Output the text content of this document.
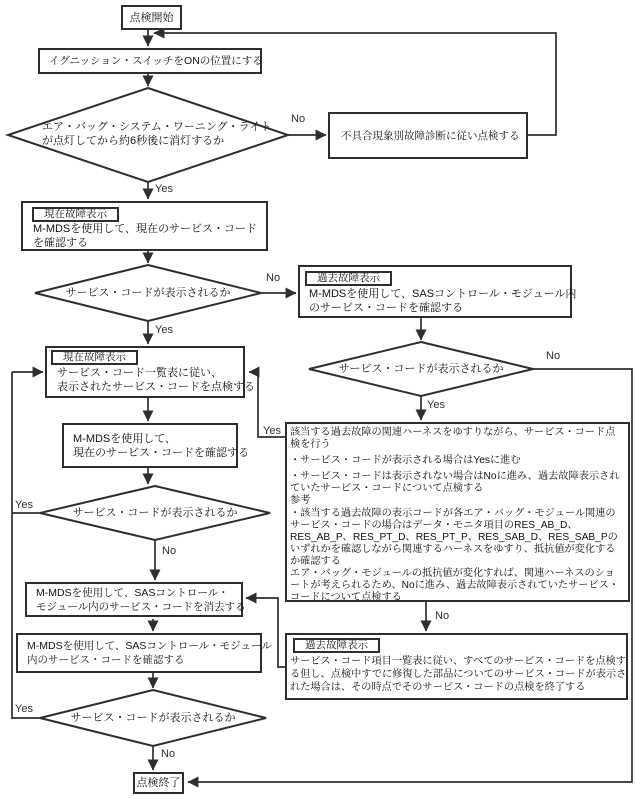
点検開始
点検終了
イグニッション・スイッチをONの位置にする
不具合現象別故障診断に従い点検する
現在故障表示
M-MDSを使用して、現在のサービス・コード
を確認する
過去故障表示
M-MDSを使用して、SASコントロール・モジュール内
のサービス・コードを確認する
現在故障表示
サービス・コード一覧表に従い、
表示されたサービス・コードを点検する
M-MDSを使用して、
現在のサービス・コードを確認する
該当する過去故障の関連ハーネスをゆすりながら、サービス・コード点
検を行う
・サービス・コードが表示される場合はYesに進む
・サービス・コードは表示されない場合はNoに進み、過去故障表示され
ていたサービス・コードについて点検する
参考
・該当する過去故障の表示コードが各エア・バッグ・モジュール関連の
サービス・コードの場合はデータ・モニタ項目のRES_AB_D、
RES_AB_P、RES_PT_D、RES_PT_P、RES_SAB_D、RES_SAB_Pの
いずれかを確認しながら関連するハーネスをゆすり、抵抗値が変化する
か確認する
エア・バッグ・モジュールの抵抗値が変化すれば、関連ハーネスのショ
ートが考えられるため、Noに進み、過去故障表示されていたサービス・
コードについて点検する
M-MDSを使用して、SASコントロール・
モジュール内のサービス・コードを消去する
M-MDSを使用して、SASコントロール・モジュール
内のサービス・コードを確認する
過去故障表示
サービス・コード項目一覧表に従い、すべてのサービス・コードを点検す
る但し、点検中すでに修復した部品についてのサービス・コードが表示さ
れた場合は、その時点でそのサービス・コードの点検を終了する
エア・バッグ・システム・ワーニング・ライト
が点灯してから約6秒後に消灯するか
サービス・コードが表示されるか
サービス・コードが表示されるか
サービス・コードが表示されるか
サービス・コードが表示されるか
No
Yes
No
Yes
No
Yes
Yes
Yes
No
No
Yes
No
